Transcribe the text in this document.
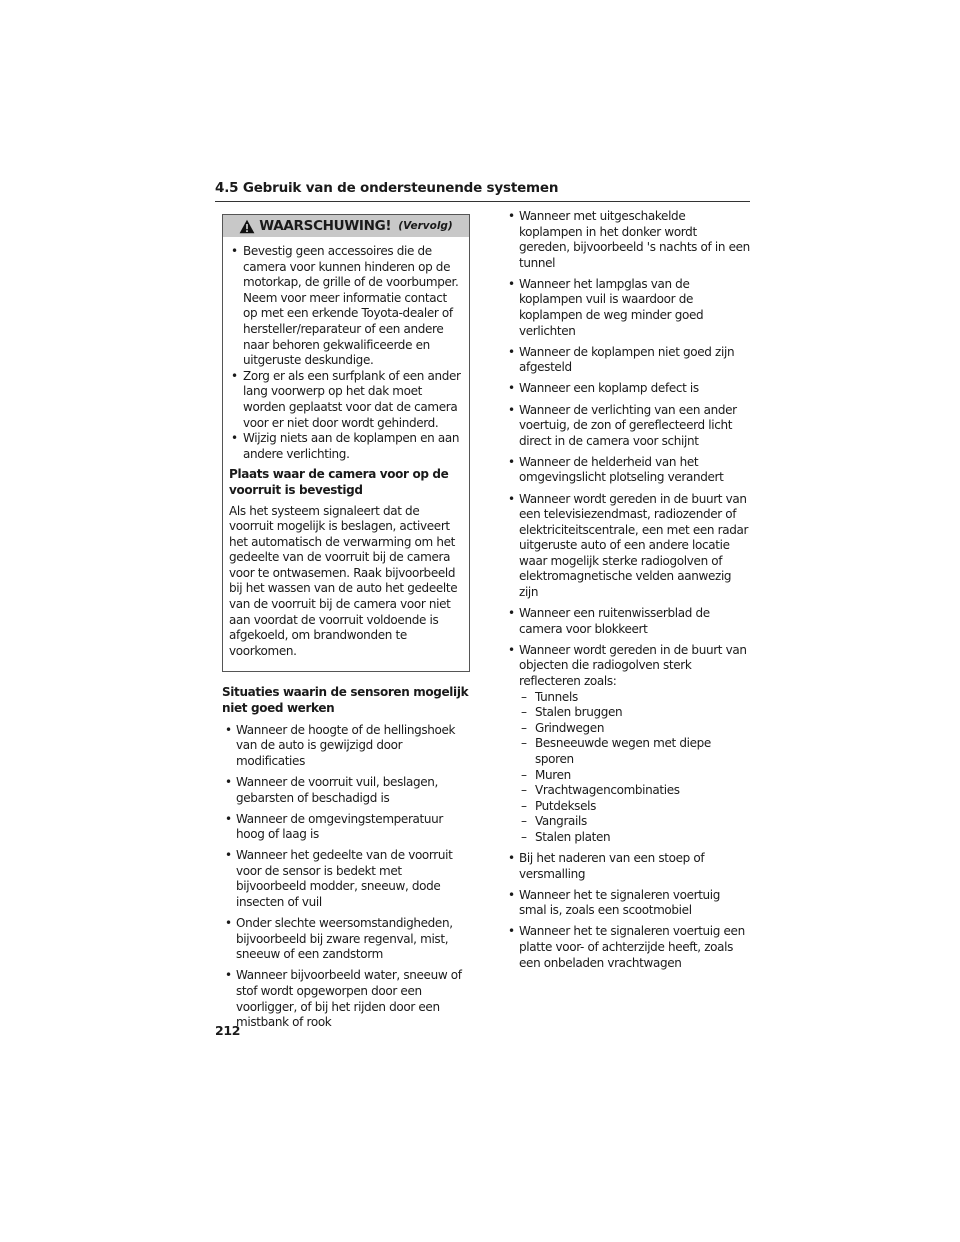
4.5 Gebruik van de ondersteunende systemen
WAARSCHUWING! (Vervolg)
• Bevestig geen accessoires die de camera voor kunnen hinderen op de motorkap, de grille of de voorbumper. Neem voor meer informatie contact op met een erkende Toyota-dealer of hersteller/reparateur of een andere naar behoren gekwalificeerde en uitgeruste deskundige.
• Zorg er als een surfplank of een ander lang voorwerp op het dak moet worden geplaatst voor dat de camera voor er niet door wordt gehinderd.
• Wijzig niets aan de koplampen en aan andere verlichting.
Plaats waar de camera voor op de voorruit is bevestigd
Als het systeem signaleert dat de voorruit mogelijk is beslagen, activeert het automatisch de verwarming om het gedeelte van de voorruit bij de camera voor te ontwasemen. Raak bijvoorbeeld bij het wassen van de auto het gedeelte van de voorruit bij de camera voor niet aan voordat de voorruit voldoende is afgekoeld, om brandwonden te voorkomen.
Situaties waarin de sensoren mogelijk niet goed werken
• Wanneer de hoogte of de hellingshoek van de auto is gewijzigd door modificaties
• Wanneer de voorruit vuil, beslagen, gebarsten of beschadigd is
• Wanneer de omgevingstemperatuur hoog of laag is
• Wanneer het gedeelte van de voorruit voor de sensor is bedekt met bijvoorbeeld modder, sneeuw, dode insecten of vuil
• Onder slechte weersomstandigheden, bijvoorbeeld bij zware regenval, mist, sneeuw of een zandstorm
• Wanneer bijvoorbeeld water, sneeuw of stof wordt opgeworpen door een voorligger, of bij het rijden door een mistbank of rook
• Wanneer met uitgeschakelde koplampen in het donker wordt gereden, bijvoorbeeld 's nachts of in een tunnel
• Wanneer het lampglas van de koplampen vuil is waardoor de koplampen de weg minder goed verlichten
• Wanneer de koplampen niet goed zijn afgesteld
• Wanneer een koplamp defect is
• Wanneer de verlichting van een ander voertuig, de zon of gereflecteerd licht direct in de camera voor schijnt
• Wanneer de helderheid van het omgevingslicht plotseling verandert
• Wanneer wordt gereden in de buurt van een televisiezendmast, radiozender of elektriciteitscentrale, een met een radar uitgeruste auto of een andere locatie waar mogelijk sterke radiogolven of elektromagnetische velden aanwezig zijn
• Wanneer een ruitenwisserblad de camera voor blokkeert
• Wanneer wordt gereden in de buurt van objecten die radiogolven sterk reflecteren zoals:
– Tunnels
– Stalen bruggen
– Grindwegen
– Besneeuwde wegen met diepe sporen
– Muren
– Vrachtwagencombinaties
– Putdeksels
– Vangrails
– Stalen platen
• Bij het naderen van een stoep of versmalling
• Wanneer het te signaleren voertuig smal is, zoals een scootmobiel
• Wanneer het te signaleren voertuig een platte voor- of achterzijde heeft, zoals een onbeladen vrachtwagen
212
